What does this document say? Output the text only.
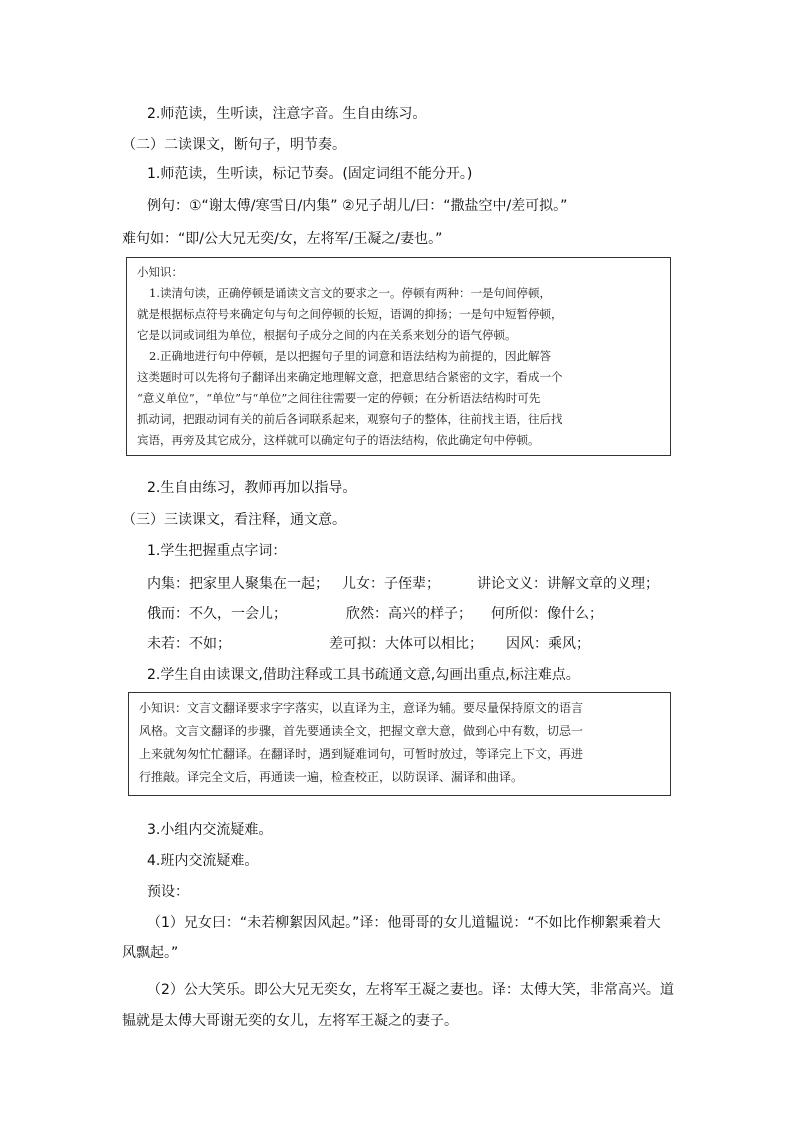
2.师范读，生听读，注意字音。生自由练习。
（二）二读课文，断句子，明节奏。
1.师范读，生听读，标记节奏。(固定词组不能分开。)
例句：①“谢太傅/寒雪日/内集” ②兄子胡儿/曰：“撒盐空中/差可拟。”
难句如：“即/公大兄无奕/女，左将军/王凝之/妻也。”
小知识：
1.读清句读，正确停顿是诵读文言文的要求之一。停顿有两种：一是句间停顿，
就是根据标点符号来确定句与句之间停顿的长短，语调的抑扬；一是句中短暂停顿，
它是以词或词组为单位，根据句子成分之间的内在关系来划分的语气停顿。
2.正确地进行句中停顿，是以把握句子里的词意和语法结构为前提的，因此解答
这类题时可以先将句子翻译出来确定地理解文意，把意思结合紧密的文字，看成一个
“意义单位”，“单位”与“单位”之间往往需要一定的停顿；在分析语法结构时可先
抓动词，把跟动词有关的前后各词联系起来，观察句子的整体，往前找主语，往后找
宾语，再旁及其它成分，这样就可以确定句子的语法结构，依此确定句中停顿。
2.生自由练习，教师再加以指导。
（三）三读课文，看注释，通文意。
1.学生把握重点字词：
内集：把家里人聚集在一起； 儿女：子侄辈；	讲论文义：讲解文章的义理；
俄而：不久，一会儿；	欣然：高兴的样子； 何所似：像什么；
未若：不如；	差可拟：大体可以相比； 因风：乘风；
2.学生自由读课文,借助注释或工具书疏通文意,勾画出重点,标注难点。
小知识：文言文翻译要求字字落实，以直译为主，意译为辅。要尽量保持原文的语言
风格。文言文翻译的步骤，首先要通读全文，把握文章大意，做到心中有数，切忌一
上来就匆匆忙忙翻译。在翻译时，遇到疑难词句，可暂时放过，等译完上下文，再进
行推敲。译完全文后，再通读一遍，检查校正，以防误译、漏译和曲译。
3.小组内交流疑难。
4.班内交流疑难。
预设：
（1）兄女曰：“未若柳絮因风起。”译：他哥哥的女儿道韫说：“不如比作柳絮乘着大
风飘起。”
（2）公大笑乐。即公大兄无奕女，左将军王凝之妻也。译：太傅大笑，非常高兴。道
韫就是太傅大哥谢无奕的女儿，左将军王凝之的妻子。
